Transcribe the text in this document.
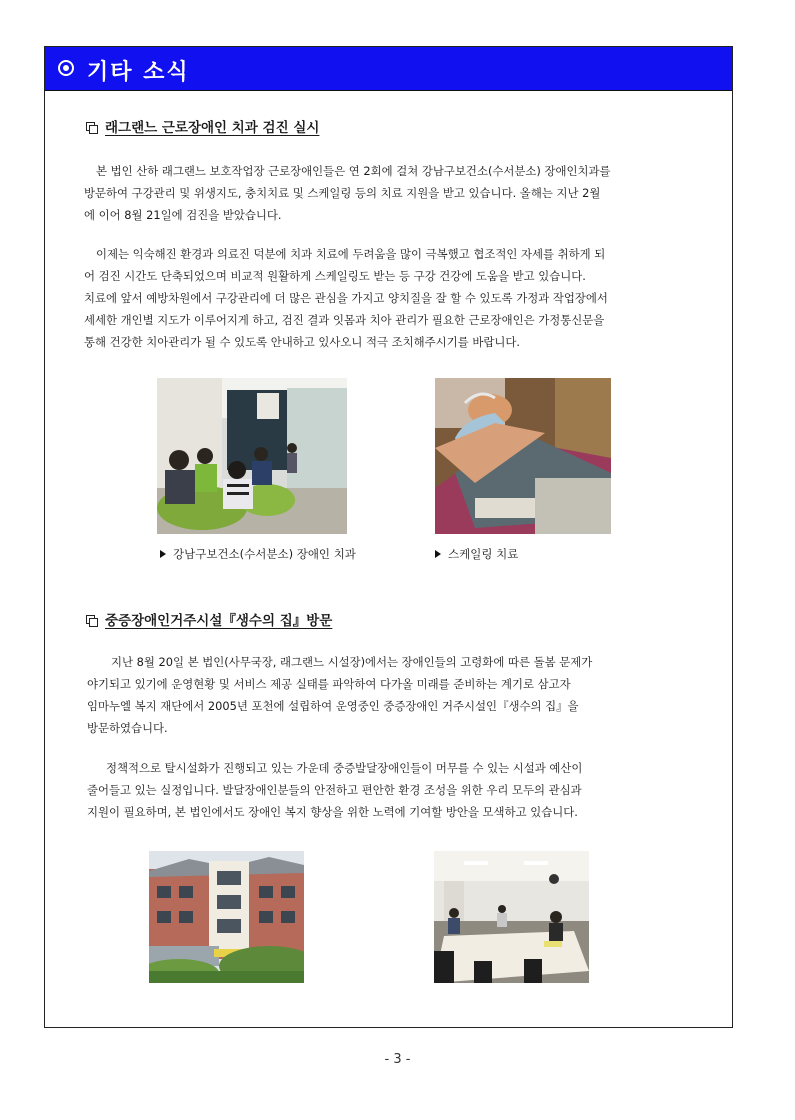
기타 소식
래그랜느 근로장애인 치과 검진 실시

본 법인 산하 래그랜느 보호작업장 근로장애인들은 연 2회에 걸쳐 강남구보건소(수서분소) 장애인치과를

방문하여 구강관리 및 위생지도, 충치치료 및 스케일링 등의 치료 지원을 받고 있습니다. 올해는 지난 2월

에 이어 8월 21일에 검진을 받았습니다.

이제는 익숙해진 환경과 의료진 덕분에 치과 치료에 두려움을 많이 극복했고 협조적인 자세를 취하게 되

어 검진 시간도 단축되었으며 비교적 원활하게 스케일링도 받는 등 구강 건강에 도움을 받고 있습니다.

치료에 앞서 예방차원에서 구강관리에 더 많은 관심을 가지고 양치질을 잘 할 수 있도록 가정과 작업장에서

세세한 개인별 지도가 이루어지게 하고, 검진 결과 잇몸과 치아 관리가 필요한 근로장애인은 가정통신문을

통해 건강한 치아관리가 될 수 있도록 안내하고 있사오니 적극 조치해주시기를 바랍니다.

강남구보건소(수서분소) 장애인 치과	스케일링 치료
중증장애인거주시설『생수의 집』방문

지난 8월 20일 본 법인(사무국장, 래그랜느 시설장)에서는 장애인들의 고령화에 따른 돌봄 문제가

야기되고 있기에 운영현황 및 서비스 제공 실태를 파악하여 다가올 미래를 준비하는 계기로 삼고자

임마누엘 복지 재단에서 2005년 포천에 설립하여 운영중인 중증장애인 거주시설인『생수의 집』을

방문하였습니다.

정책적으로 탈시설화가 진행되고 있는 가운데 중증발달장애인들이 머무를 수 있는 시설과 예산이

줄어들고 있는 실정입니다. 발달장애인분들의 안전하고 편안한 환경 조성을 위한 우리 모두의 관심과

지원이 필요하며, 본 법인에서도 장애인 복지 향상을 위한 노력에 기여할 방안을 모색하고 있습니다.

- 3 -
